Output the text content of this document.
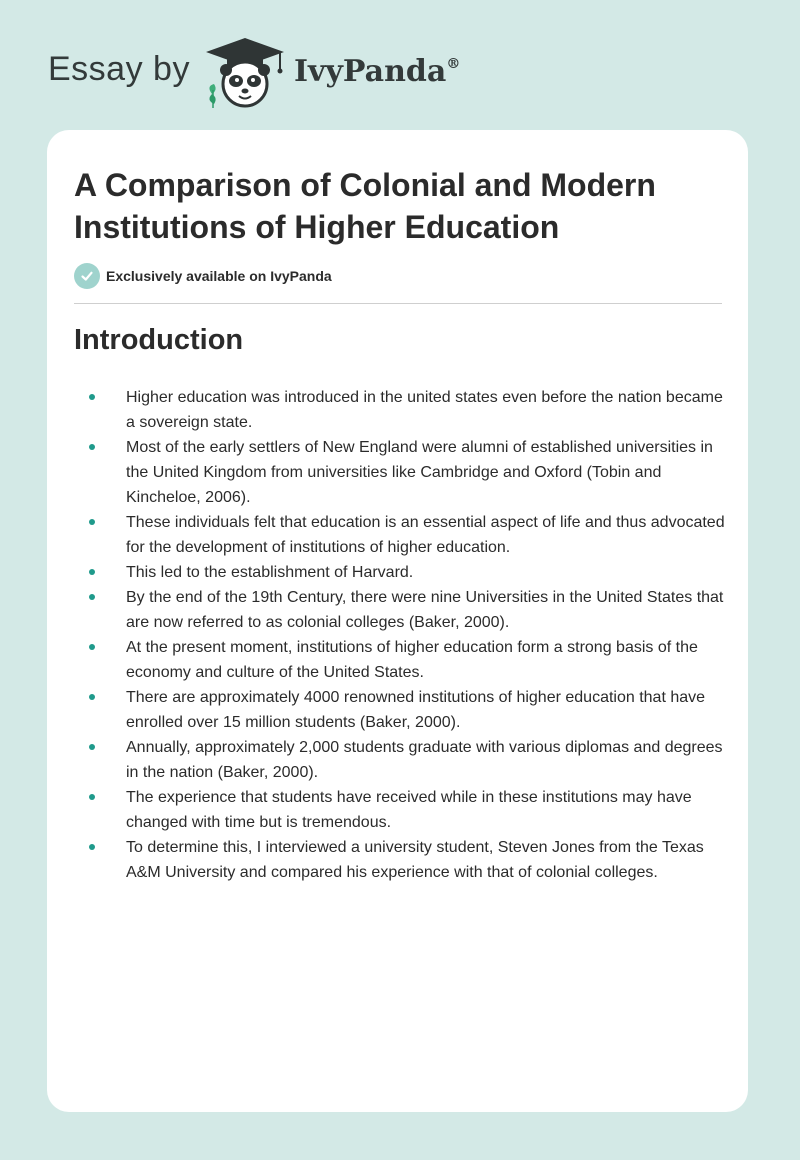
Essay by	IvyPanda®
A Comparison of Colonial and Modern Institutions of Higher Education
Exclusively available on IvyPanda
Introduction
Higher education was introduced in the united states even before the nation became a sovereign state.
Most of the early settlers of New England were alumni of established universities in the United Kingdom from universities like Cambridge and Oxford (Tobin and Kincheloe, 2006).
These individuals felt that education is an essential aspect of life and thus advocated for the development of institutions of higher education.
This led to the establishment of Harvard.
By the end of the 19th Century, there were nine Universities in the United States that are now referred to as colonial colleges (Baker, 2000).
At the present moment, institutions of higher education form a strong basis of the economy and culture of the United States.
There are approximately 4000 renowned institutions of higher education that have enrolled over 15 million students (Baker, 2000).
Annually, approximately 2,000 students graduate with various diplomas and degrees in the nation (Baker, 2000).
The experience that students have received while in these institutions may have changed with time but is tremendous.
To determine this, I interviewed a university student, Steven Jones from the Texas A&M University and compared his experience with that of colonial colleges.
